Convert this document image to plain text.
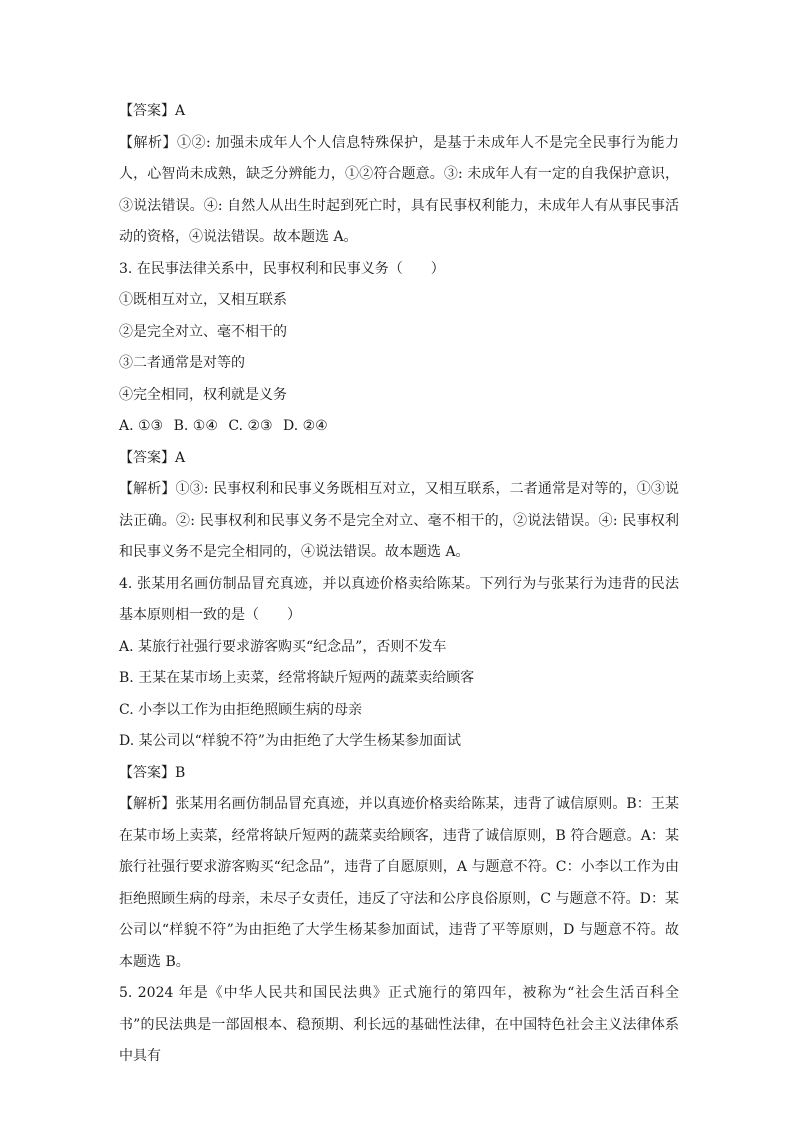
【答案】A

【解析】①②: 加强未成年人个人信息特殊保护，是基于未成年人不是完全民事行为能力人，心智尚未成熟，缺乏分辨能力，①②符合题意。③: 未成年人有一定的自我保护意识，③说法错误。④: 自然人从出生时起到死亡时，具有民事权利能力，未成年人有从事民事活动的资格，④说法错误。故本题选 A。

3. 在民事法律关系中，民事权利和民事义务（　　）

①既相互对立，又相互联系

②是完全对立、毫不相干的

③二者通常是对等的

④完全相同，权利就是义务

A. ①③ B. ①④ C. ②③ D. ②④

【答案】A

【解析】①③: 民事权利和民事义务既相互对立，又相互联系，二者通常是对等的，①③说法正确。②: 民事权利和民事义务不是完全对立、毫不相干的，②说法错误。④: 民事权利和民事义务不是完全相同的，④说法错误。故本题选 A。

4. 张某用名画仿制品冒充真迹，并以真迹价格卖给陈某。下列行为与张某行为违背的民法基本原则相一致的是（　　）

A. 某旅行社强行要求游客购买“纪念品”，否则不发车

B. 王某在某市场上卖菜，经常将缺斤短两的蔬菜卖给顾客

C. 小李以工作为由拒绝照顾生病的母亲

D. 某公司以“样貌不符”为由拒绝了大学生杨某参加面试

【答案】B

【解析】张某用名画仿制品冒充真迹，并以真迹价格卖给陈某，违背了诚信原则。B：王某在某市场上卖菜，经常将缺斤短两的蔬菜卖给顾客，违背了诚信原则，B 符合题意。A：某旅行社强行要求游客购买“纪念品”，违背了自愿原则，A 与题意不符。C：小李以工作为由拒绝照顾生病的母亲，未尽子女责任，违反了守法和公序良俗原则，C 与题意不符。D：某公司以“样貌不符”为由拒绝了大学生杨某参加面试，违背了平等原则，D 与题意不符。故本题选 B。

5. 2024 年是《中华人民共和国民法典》正式施行的第四年，被称为“社会生活百科全书”的民法典是一部固根本、稳预期、利长远的基础性法律，在中国特色社会主义法律体系中具有
